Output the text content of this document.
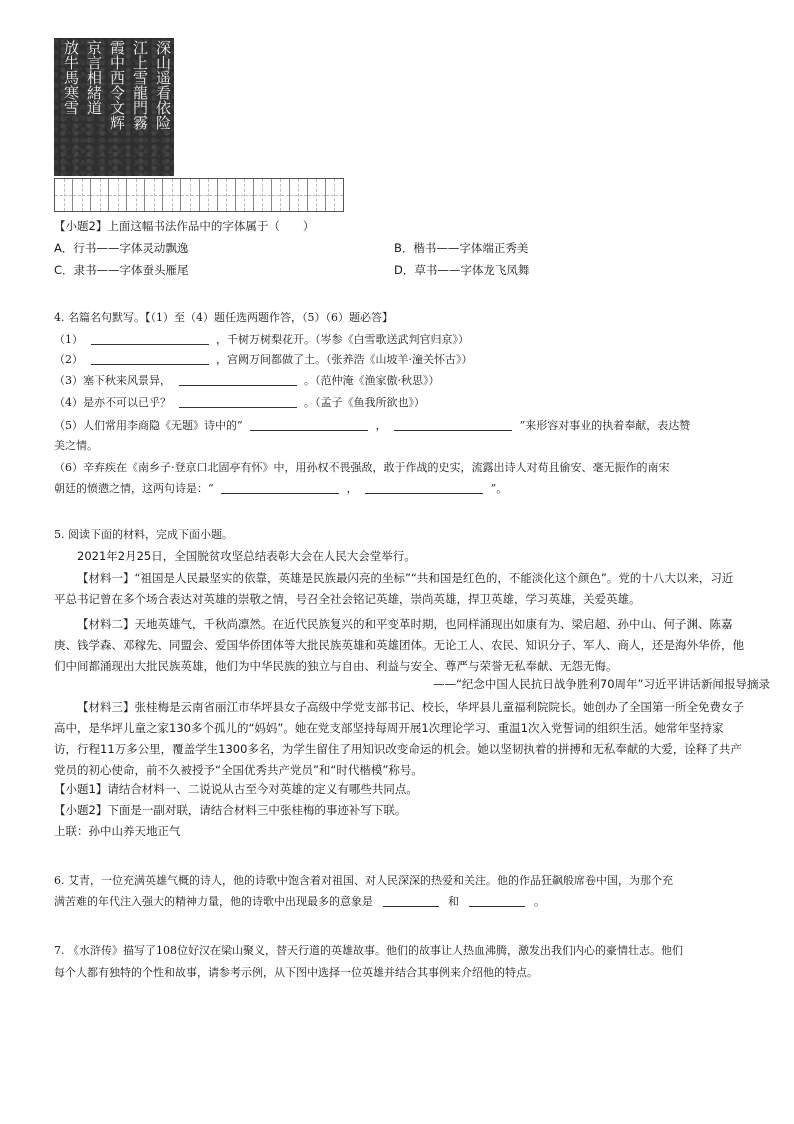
深山遥看依险
江上雪龍門霧
霞中西令文辉
京言相緒道
放牛馬寒雪
【小题2】上面这幅书法作品中的字体属于（　　）
A．行书——字体灵动飘逸	B．楷书——字体端正秀美
C．隶书——字体蚕头雁尾	D．草书——字体龙飞凤舞
4. 名篇名句默写。【（1）至（4）题任选两题作答，（5）（6）题必答】
（1）	，千树万树梨花开。（岑参《白雪歌送武判官归京》）
（2）	，宫阙万间都做了土。（张养浩《山坡羊·潼关怀古》）
（3）塞下秋来风景异，	。（范仲淹《渔家傲·秋思》）
（4）是亦不可以已乎？	。（孟子《鱼我所欲也》）
（5）人们常用李商隐《无题》诗中的“	，	”来形容对事业的执着奉献，表达赞
美之情。
（6）辛弃疾在《南乡子·登京口北固亭有怀》中，用孙权不畏强敌，敢于作战的史实，流露出诗人对苟且偷安、毫无振作的南宋
朝廷的愤懑之情，这两句诗是：“	，	”。
5. 阅读下面的材料，完成下面小题。
2021年2月25日，全国脱贫攻坚总结表彰大会在人民大会堂举行。
【材料一】“祖国是人民最坚实的依靠，英雄是民族最闪亮的坐标”“共和国是红色的，不能淡化这个颜色”。党的十八大以来，习近平总书记曾在多个场合表达对英雄的崇敬之情，号召全社会铭记英雄，崇尚英雄，捍卫英雄，学习英雄，关爱英雄。
【材料二】天地英雄气，千秋尚凛然。在近代民族复兴的和平变革时期，也同样涌现出如康有为、梁启超、孙中山、何子渊、陈嘉庚、钱学森、邓稼先、同盟会、爱国华侨团体等大批民族英雄和英雄团体。无论工人、农民、知识分子、军人、商人，还是海外华侨，他们中间都涌现出大批民族英雄，他们为中华民族的独立与自由、利益与安全、尊严与荣誉无私奉献、无怨无悔。
——“纪念中国人民抗日战争胜利70周年”习近平讲话新闻报导摘录
【材料三】张桂梅是云南省丽江市华坪县女子高级中学党支部书记、校长，华坪县儿童福利院院长。她创办了全国第一所全免费女子高中，是华坪儿童之家130多个孤儿的“妈妈”。她在党支部坚持每周开展1次理论学习、重温1次入党誓词的组织生活。她常年坚持家访，行程11万多公里，覆盖学生1300多名，为学生留住了用知识改变命运的机会。她以坚韧执着的拼搏和无私奉献的大爱，诠释了共产党员的初心使命，前不久被授予“全国优秀共产党员”和“时代楷模”称号。
【小题1】请结合材料一、二说说从古至今对英雄的定义有哪些共同点。
【小题2】下面是一副对联，请结合材料三中张桂梅的事迹补写下联。
上联：孙中山养天地正气
6. 艾青，一位充满英雄气概的诗人，他的诗歌中饱含着对祖国、对人民深深的热爱和关注。他的作品狂飙般席卷中国，为那个充
满苦难的年代注入强大的精神力量，他的诗歌中出现最多的意象是	和	。
7. 《水浒传》描写了108位好汉在梁山聚义，替天行道的英雄故事。他们的故事让人热血沸腾，激发出我们内心的豪情壮志。他们
每个人都有独特的个性和故事，请参考示例，从下图中选择一位英雄并结合其事例来介绍他的特点。
